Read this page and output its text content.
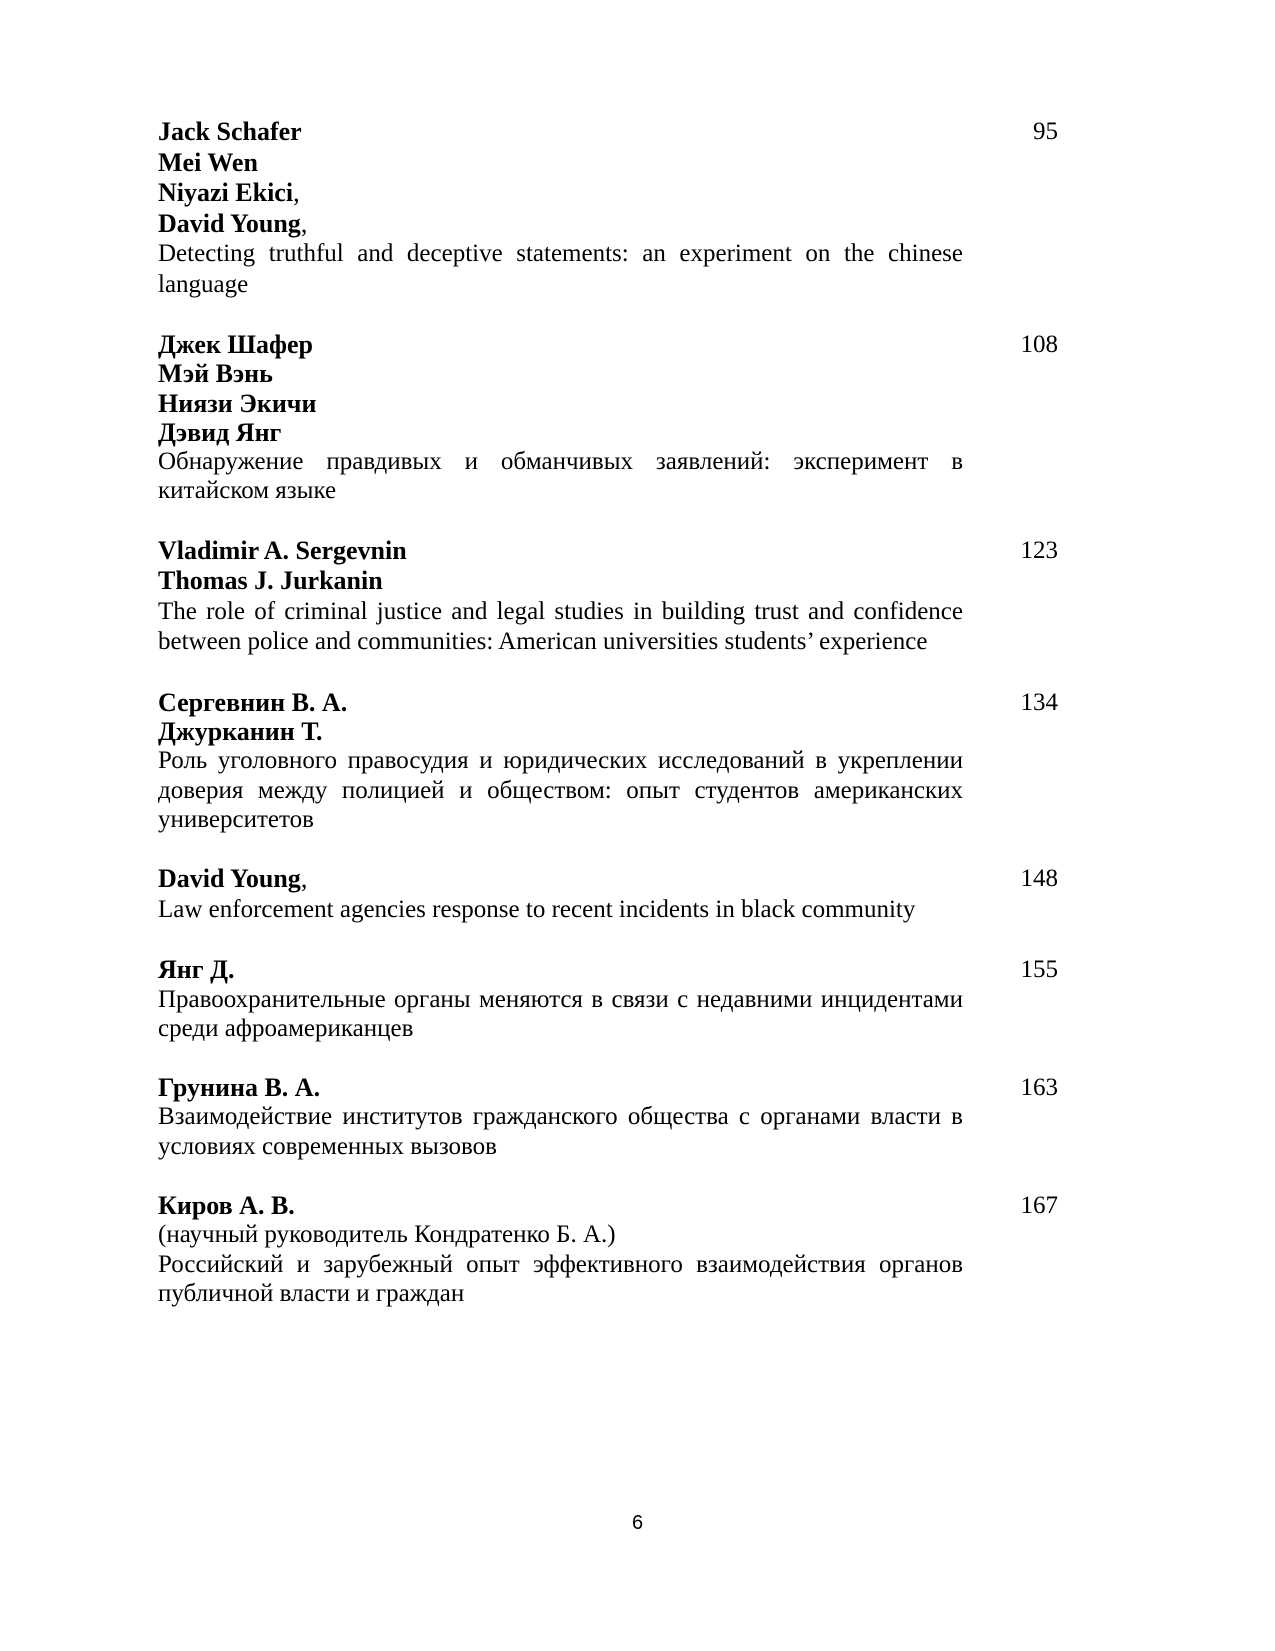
Jack Schafer
Mei Wen
Niyazi Ekici,
David Young,
Detecting truthful and deceptive statements: an experiment on the chinese language
95
Джек Шафер
Мэй Вэнь
Ниязи Экичи
Дэвид Янг
Обнаружение правдивых и обманчивых заявлений: эксперимент в китайском языке
108
Vladimir A. Sergevnin
Thomas J. Jurkanin
The role of criminal justice and legal studies in building trust and confidence between police and communities: American universities students’ experience
123
Сергевнин В. А.
Джурканин Т.
Роль уголовного правосудия и юридических исследований в укреплении доверия между полицией и обществом: опыт студентов американских университетов
134
David Young,
Law enforcement agencies response to recent incidents in black community
148
Янг Д.
Правоохранительные органы меняются в связи с недавними инцидентами среди афроамериканцев
155
Грунина В. А.
Взаимодействие институтов гражданского общества с органами власти в условиях современных вызовов
163
Киров А. В.
(научный руководитель Кондратенко Б. А.)
Российский и зарубежный опыт эффективного взаимодействия органов публичной власти и граждан
167
6
